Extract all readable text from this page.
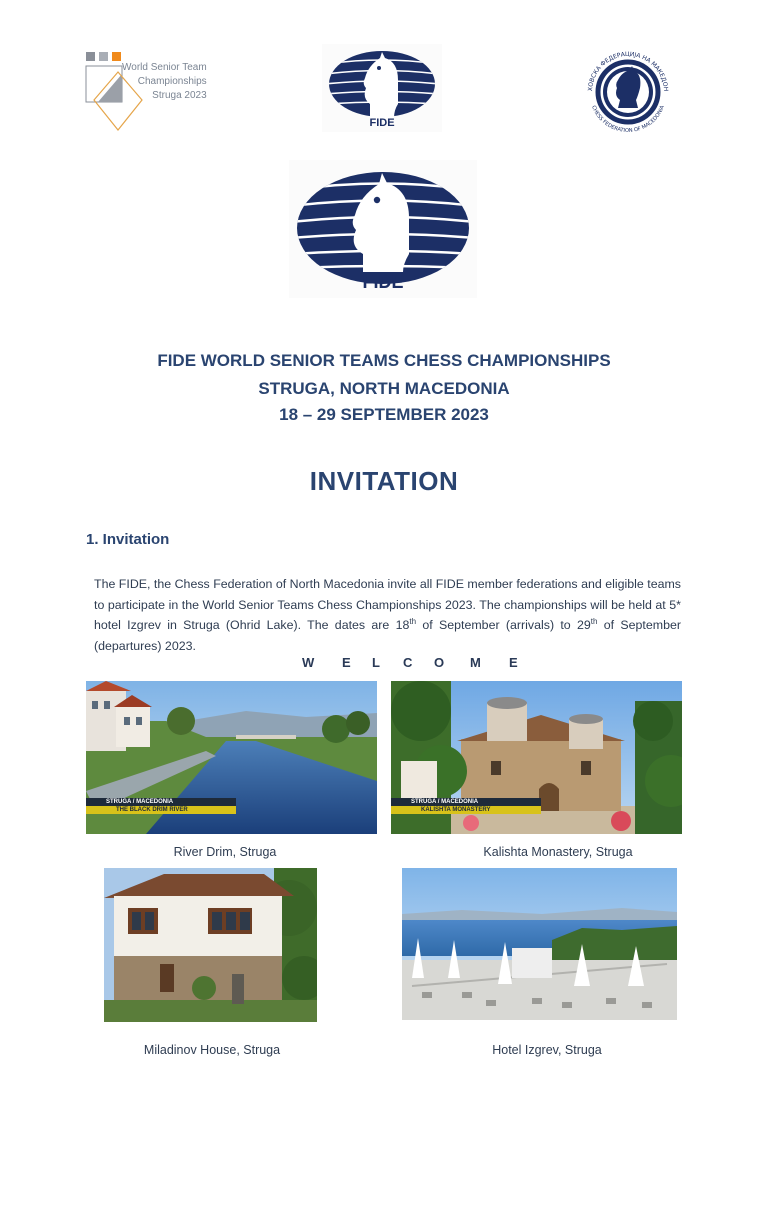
World Senior Team
Championships
Struga 2023
FIDE
ХОВСКА ФЕДЕРАЦИЈА НА МАКЕДОН
CHESS FEDERATION OF MACEDONIA
FIDE
FIDE WORLD SENIOR TEAMS CHESS CHAMPIONSHIPS
STRUGA, NORTH MACEDONIA
18 – 29 SEPTEMBER 2023
INVITATION
1. Invitation
The FIDE, the Chess Federation of North Macedonia invite all FIDE member federations and eligible teams to participate in the World Senior Teams Chess Championships 2023. The championships will be held at 5* hotel Izgrev in Struga (Ohrid Lake). The dates are 18th of September (arrivals) to 29th of September (departures) 2023.
W E L C O M E
STRUGA / MACEDONIA
THE BLACK DRIM RIVER
River Drim, Struga
STRUGA / MACEDONIA
KALISHTA MONASTERY
Kalishta Monastery, Struga
Miladinov House, Struga	Hotel Izgrev, Struga
